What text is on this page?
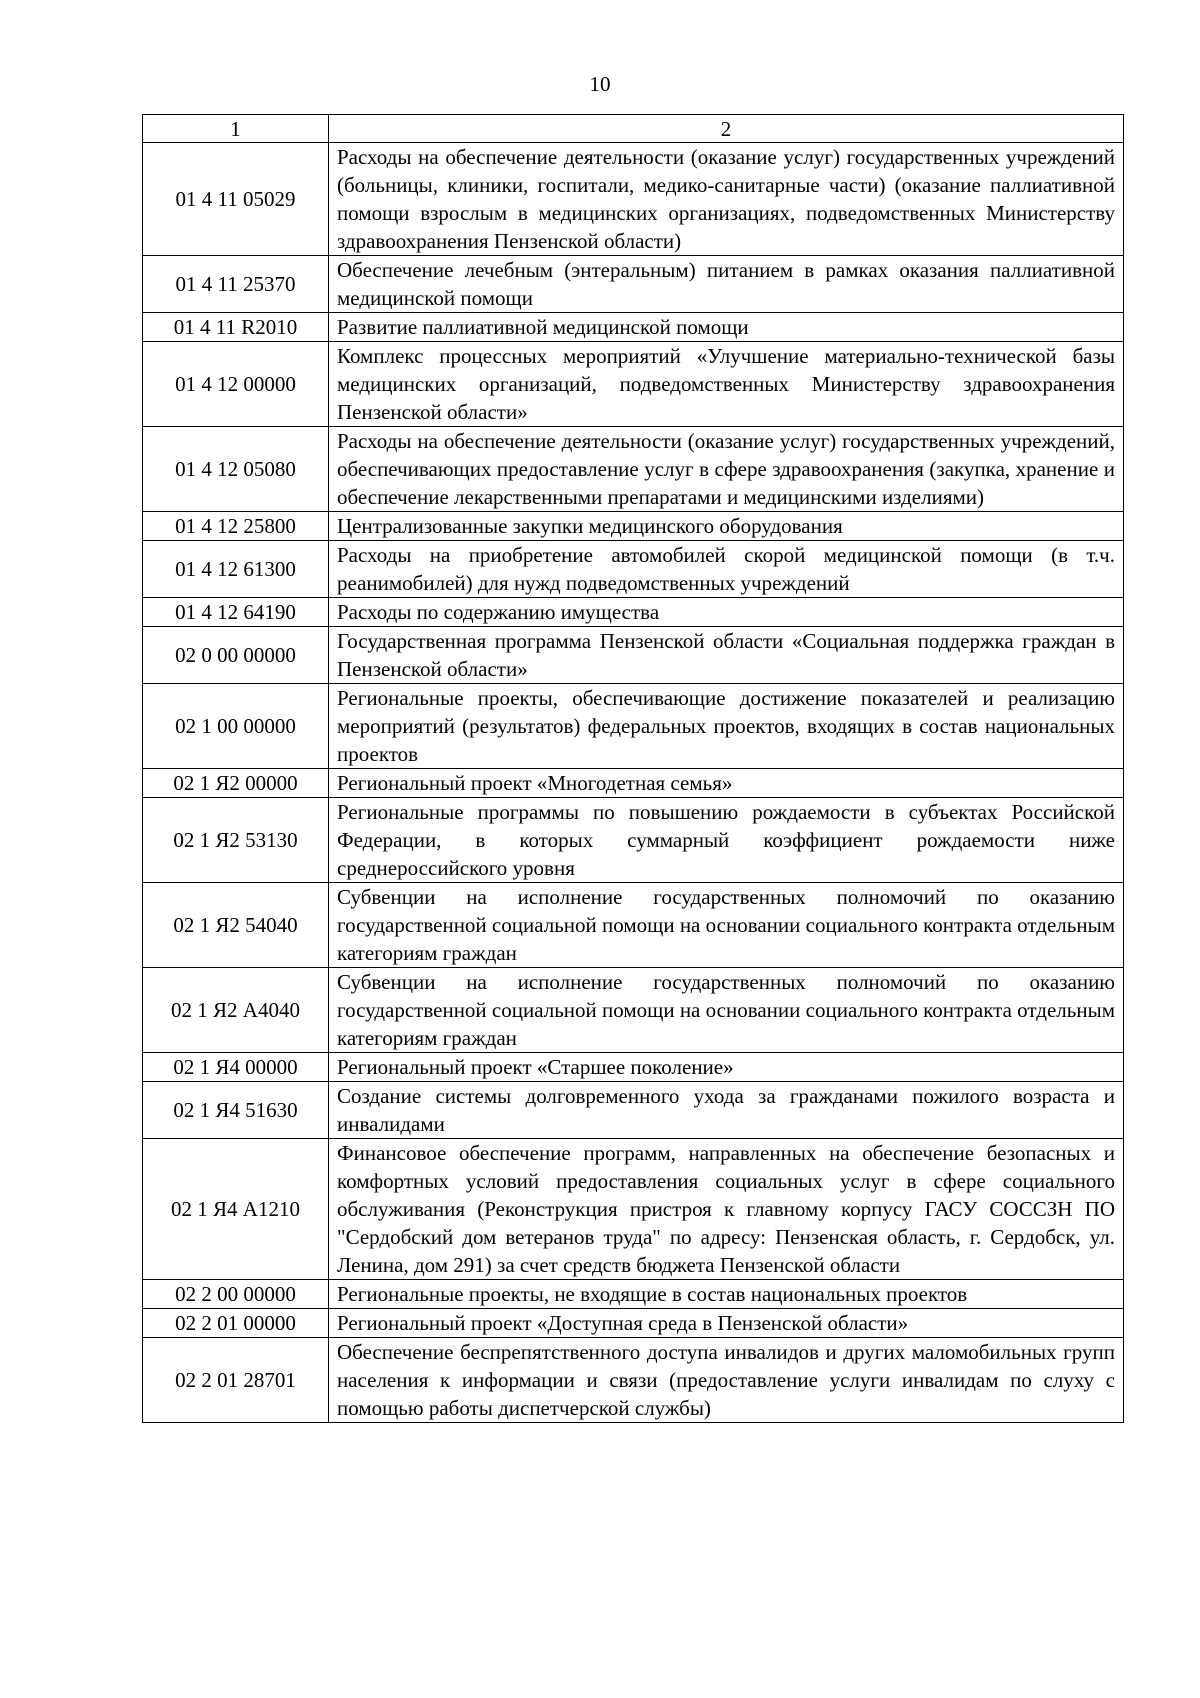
10
1	2
01 4 11 05029	Расходы на обеспечение деятельности (оказание услуг) государственных учреждений (больницы, клиники, госпитали, медико-санитарные части) (оказание паллиативной помощи взрослым в медицинских организациях, подведомственных Министерству здравоохранения Пензенской области)
01 4 11 25370	Обеспечение лечебным (энтеральным) питанием в рамках оказания паллиативной медицинской помощи
01 4 11 R2010	Развитие паллиативной медицинской помощи
01 4 12 00000	Комплекс процессных мероприятий «Улучшение материально-технической базы медицинских организаций, подведомственных Министерству здравоохранения Пензенской области»
01 4 12 05080	Расходы на обеспечение деятельности (оказание услуг) государственных учреждений, обеспечивающих предоставление услуг в сфере здравоохранения (закупка, хранение и обеспечение лекарственными препаратами и медицинскими изделиями)
01 4 12 25800	Централизованные закупки медицинского оборудования
01 4 12 61300	Расходы на приобретение автомобилей скорой медицинской помощи (в т.ч. реанимобилей) для нужд подведомственных учреждений
01 4 12 64190	Расходы по содержанию имущества
02 0 00 00000	Государственная программа Пензенской области «Социальная поддержка граждан в Пензенской области»
02 1 00 00000	Региональные проекты, обеспечивающие достижение показателей и реализацию мероприятий (результатов) федеральных проектов, входящих в состав национальных проектов
02 1 Я2 00000	Региональный проект «Многодетная семья»
02 1 Я2 53130	Региональные программы по повышению рождаемости в субъектах Российской Федерации, в которых суммарный коэффициент рождаемости ниже среднероссийского уровня
02 1 Я2 54040	Субвенции на исполнение государственных полномочий по оказанию государственной социальной помощи на основании социального контракта отдельным категориям граждан
02 1 Я2 А4040	Субвенции на исполнение государственных полномочий по оказанию государственной социальной помощи на основании социального контракта отдельным категориям граждан
02 1 Я4 00000	Региональный проект «Старшее поколение»
02 1 Я4 51630	Создание системы долговременного ухода за гражданами пожилого возраста и инвалидами
02 1 Я4 А1210	Финансовое обеспечение программ, направленных на обеспечение безопасных и комфортных условий предоставления социальных услуг в сфере социального обслуживания (Реконструкция пристроя к главному корпусу ГАСУ СОССЗН ПО "Сердобский дом ветеранов труда" по адресу: Пензенская область, г. Сердобск, ул. Ленина, дом 291) за счет средств бюджета Пензенской области
02 2 00 00000	Региональные проекты, не входящие в состав национальных проектов
02 2 01 00000	Региональный проект «Доступная среда в Пензенской области»
02 2 01 28701	Обеспечение беспрепятственного доступа инвалидов и других маломобильных групп населения к информации и связи (предоставление услуги инвалидам по слуху с помощью работы диспетчерской службы)
